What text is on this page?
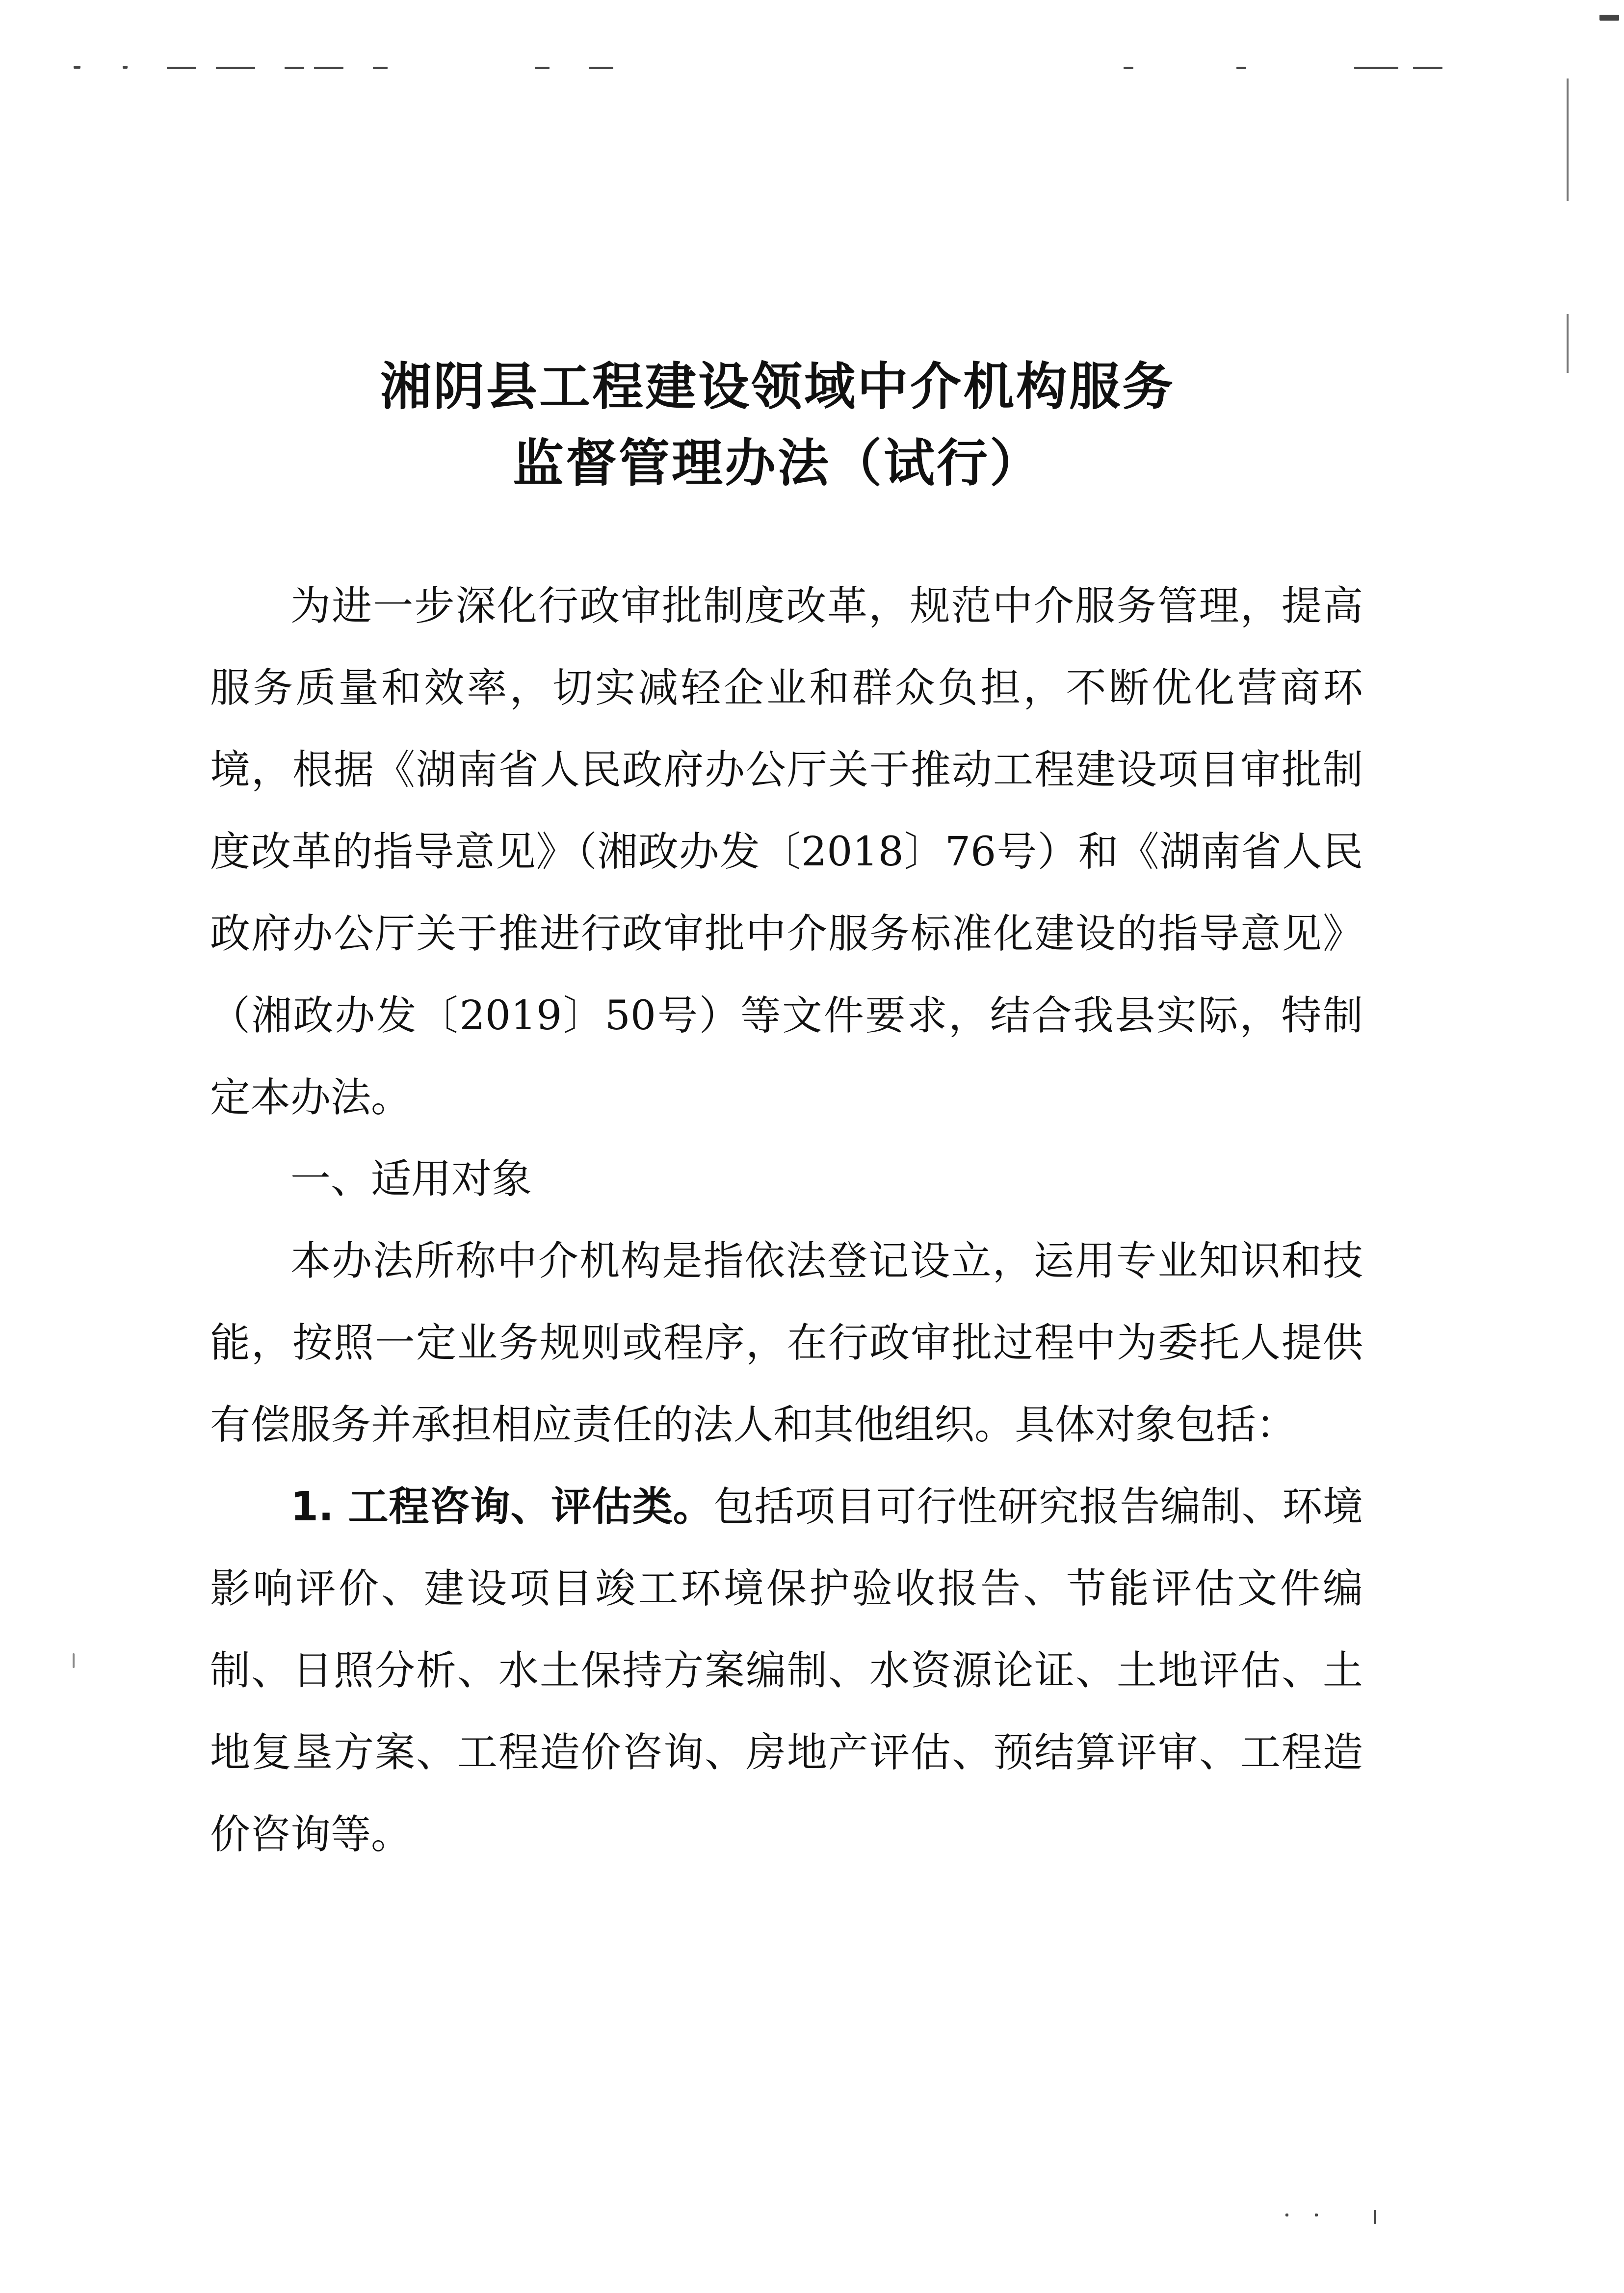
湘阴县工程建设领域中介机构服务
监督管理办法（试行）

为进一步深化行政审批制度改革，规范中介服务管理，提高服务质量和效率，切实减轻企业和群众负担，不断优化营商环境，根据《湖南省人民政府办公厅关于推动工程建设项目审批制度改革的指导意见》（湘政办发〔2018〕76号）和《湖南省人民政府办公厅关于推进行政审批中介服务标准化建设的指导意见》（湘政办发〔2019〕50号）等文件要求，结合我县实际，特制定本办法。

一、适用对象

本办法所称中介机构是指依法登记设立，运用专业知识和技能，按照一定业务规则或程序，在行政审批过程中为委托人提供有偿服务并承担相应责任的法人和其他组织。具体对象包括：

1. 工程咨询、评估类。包括项目可行性研究报告编制、环境影响评价、建设项目竣工环境保护验收报告、节能评估文件编制、日照分析、水土保持方案编制、水资源论证、土地评估、土地复垦方案、工程造价咨询、房地产评估、预结算评审、工程造价咨询等。
